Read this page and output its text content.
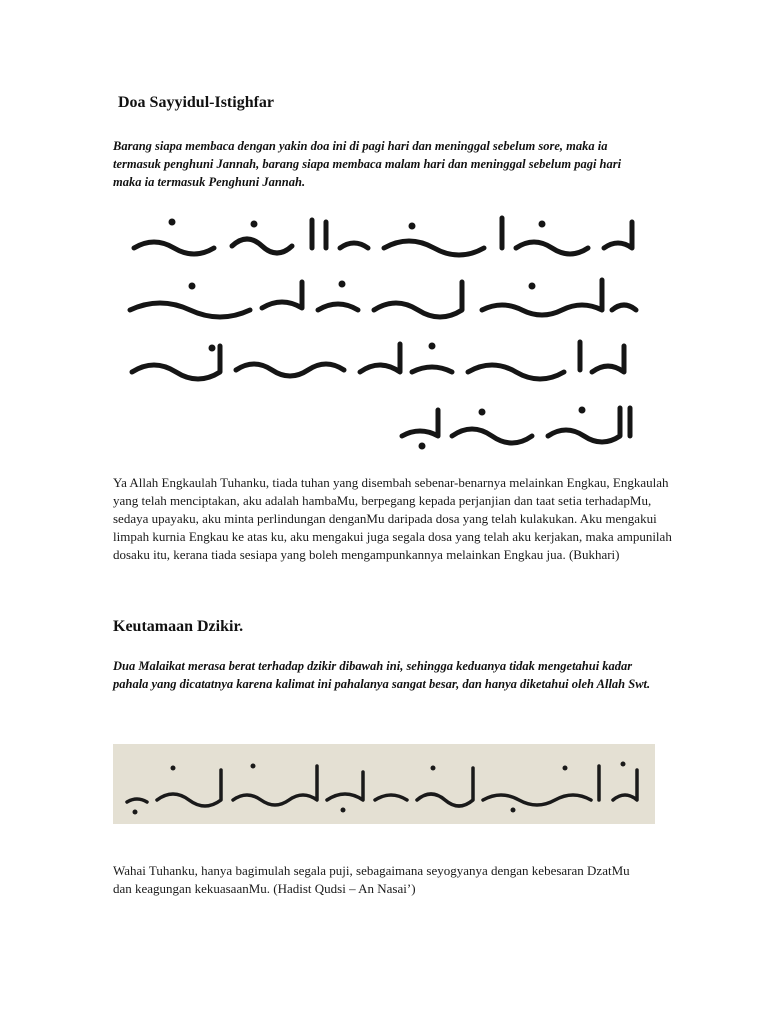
Doa Sayyidul-Istighfar

Barang siapa membaca dengan yakin doa ini di pagi hari dan meninggal sebelum sore, maka ia termasuk penghuni Jannah, barang siapa membaca malam hari dan meninggal sebelum pagi hari maka ia termasuk Penghuni Jannah.

Ya Allah Engkaulah Tuhanku, tiada tuhan yang disembah sebenar-benarnya melainkan Engkau, Engkaulah yang telah menciptakan, aku adalah hambaMu, berpegang kepada perjanjian dan taat setia terhadapMu, sedaya upayaku, aku minta perlindungan denganMu daripada dosa yang telah kulakukan. Aku mengakui limpah kurnia Engkau ke atas ku, aku mengakui juga segala dosa yang telah aku kerjakan, maka ampunilah dosaku itu, kerana tiada sesiapa yang boleh mengampunkannya melainkan Engkau jua. (Bukhari)

Keutamaan Dzikir.

Dua Malaikat merasa berat terhadap dzikir dibawah ini, sehingga keduanya tidak mengetahui kadar pahala yang dicatatnya karena kalimat ini pahalanya sangat besar, dan hanya diketahui oleh Allah Swt.

Wahai Tuhanku, hanya bagimulah segala puji, sebagaimana seyogyanya dengan kebesaran DzatMu dan keagungan kekuasaanMu. (Hadist Qudsi – An Nasai’)
